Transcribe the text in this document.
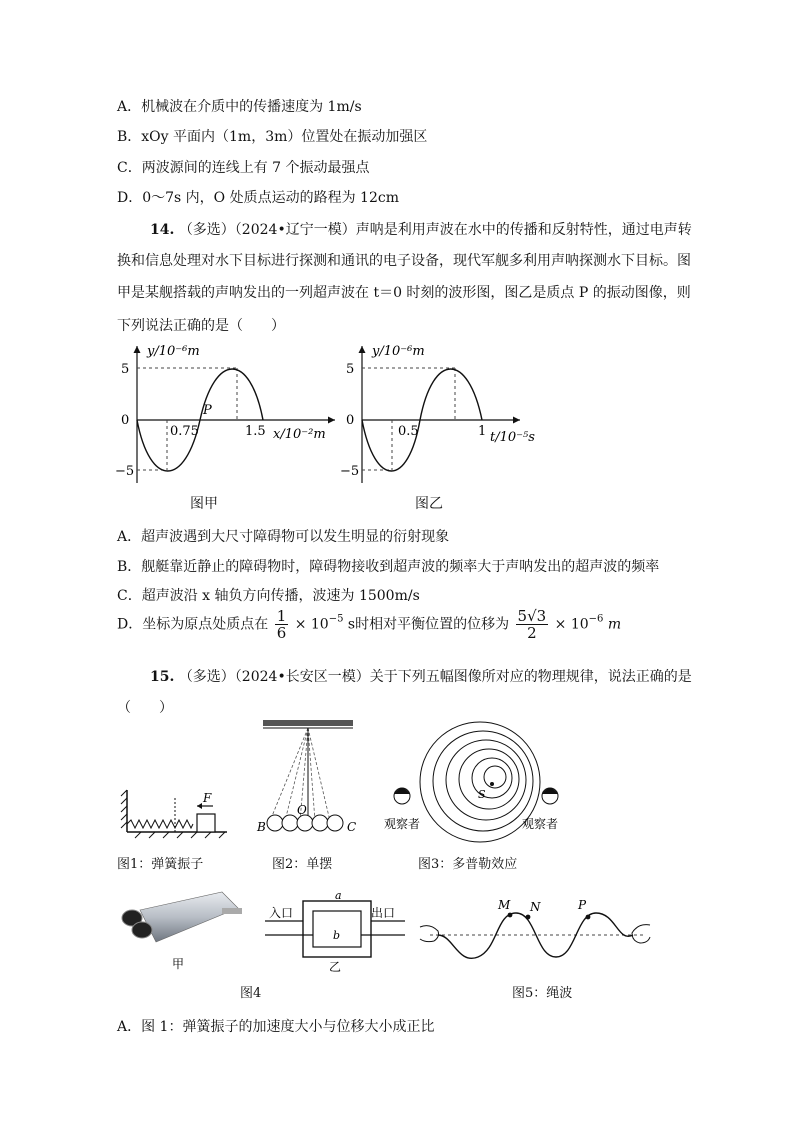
A．机械波在介质中的传播速度为 1m/s
B．xOy 平面内（1m，3m）位置处在振动加强区
C．两波源间的连线上有 7 个振动最强点
D．0～7s 内，O 处质点运动的路程为 12cm
14. （多选）（2024•辽宁一模）声呐是利用声波在水中的传播和反射特性，通过电声转
换和信息处理对水下目标进行探测和通讯的电子设备，现代军舰多利用声呐探测水下目标。图
甲是某舰搭载的声呐发出的一列超声波在 t＝0 时刻的波形图，图乙是质点 P 的振动图像，则
下列说法正确的是（　　）
y/10⁻⁶m
5
0
−5
0.75	1.5
P
x/10⁻²m
图甲
y/10⁻⁶m
5
0
−5
0.5	1 t/10⁻⁵s
图乙
A．超声波遇到大尺寸障碍物可以发生明显的衍射现象
B．舰艇靠近静止的障碍物时，障碍物接收到超声波的频率大于声呐发出的超声波的频率
C．超声波沿 x 轴负方向传播，波速为 1500m/s
D．坐标为原点处质点在 $\frac{1}{6} \times 10^{-5}$ s时相对平衡位置的位移为 $\frac{5√3}{2} \times 10^{-6}$ m
15. （多选）（2024•长安区一模）关于下列五幅图像所对应的物理规律，说法正确的是
（　　）
F
图1：弹簧振子
B
O
C
图2：单摆
S
观察者	观察者
图3：多普勒效应
甲
入口	出口
a
b
乙
图4
M N	P
图5：绳波
A．图 1：弹簧振子的加速度大小与位移大小成正比
